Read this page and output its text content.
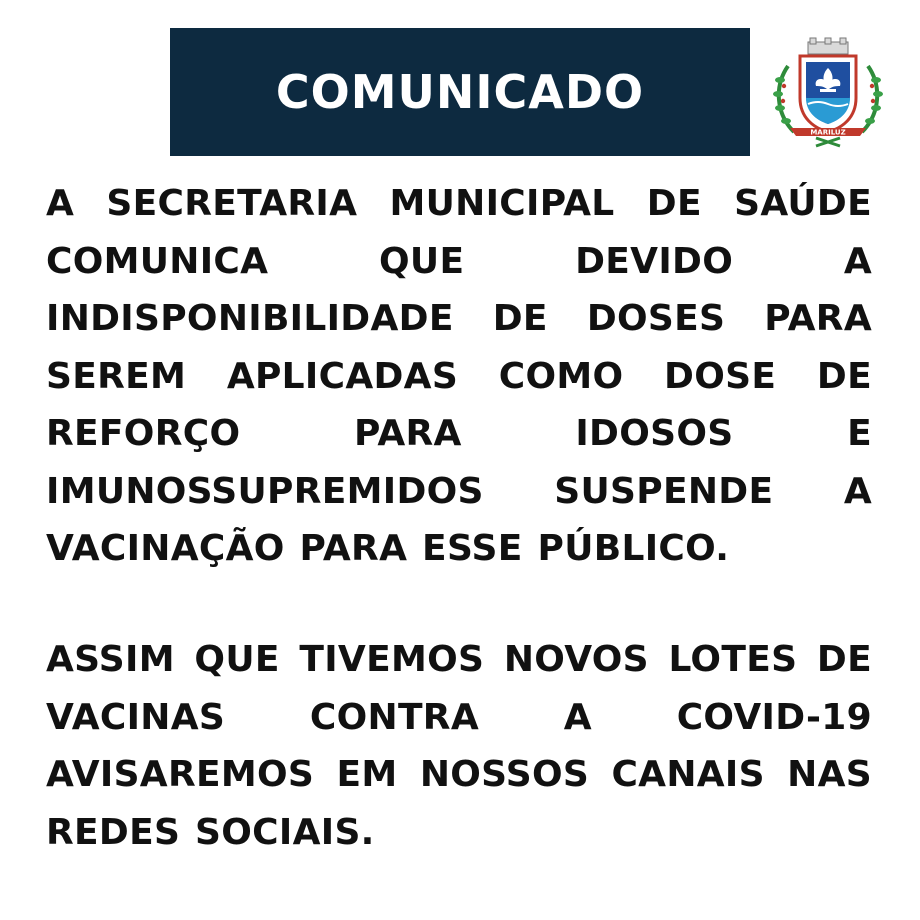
COMUNICADO
MARILUZ

A SECRETARIA MUNICIPAL DE SAÚDE COMUNICA QUE DEVIDO A INDISPONIBILIDADE DE DOSES PARA SEREM APLICADAS COMO DOSE DE REFORÇO PARA IDOSOS E IMUNOSSUPREMIDOS SUSPENDE A VACINAÇÃO PARA ESSE PÚBLICO.

ASSIM QUE TIVEMOS NOVOS LOTES DE VACINAS CONTRA A COVID-19 AVISAREMOS EM NOSSOS CANAIS NAS REDES SOCIAIS.
